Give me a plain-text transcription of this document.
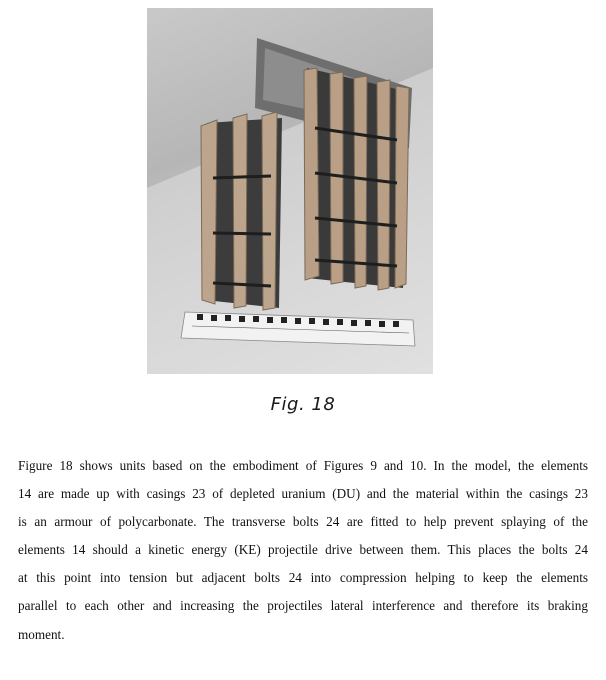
Fig. 18
Figure 18 shows units based on the embodiment of Figures 9 and 10. In the model, the elements
14 are made up with casings 23 of depleted uranium (DU) and the material within the casings 23
is an armour of polycarbonate. The transverse bolts 24 are fitted to help prevent splaying of the
elements 14 should a kinetic energy (KE) projectile drive between them. This places the bolts 24
at this point into tension but adjacent bolts 24 into compression helping to keep the elements
parallel to each other and increasing the projectiles lateral interference and therefore its braking
moment.
